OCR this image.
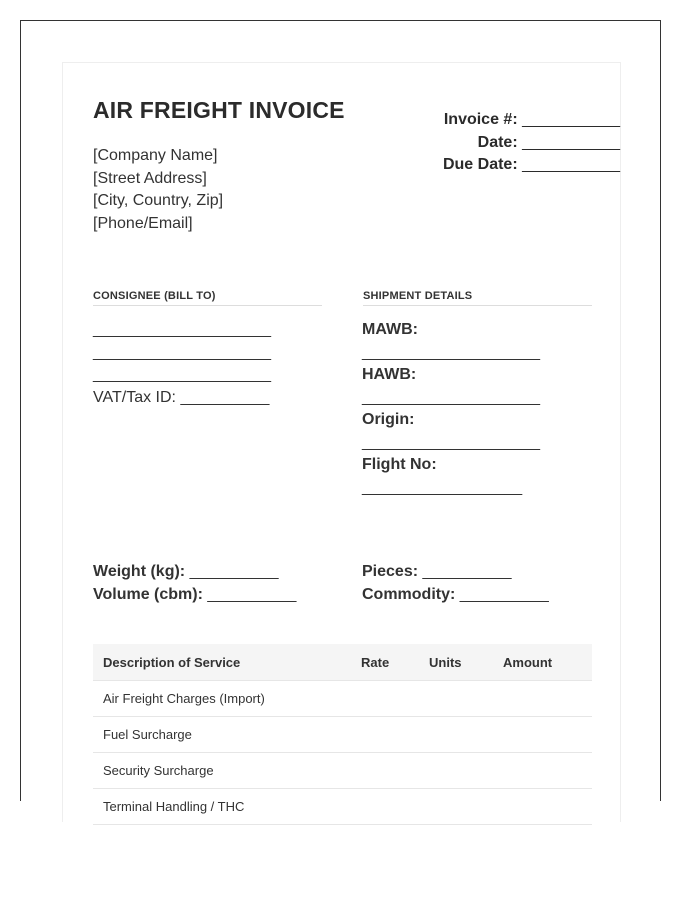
AIR FREIGHT INVOICE
[Company Name]
[Street Address]
[City, Country, Zip]
[Phone/Email]
Invoice #: ___________
Date: ___________
Due Date: ___________
CONSIGNEE (BILL TO)	SHIPMENT DETAILS
____________________
____________________
____________________
VAT/Tax ID: __________
MAWB:
____________________
HAWB:
____________________
Origin:
____________________
Flight No:
__________________
Weight (kg): __________
Volume (cbm): __________
Pieces: __________
Commodity: __________
Description of Service	Rate	Units	Amount
Air Freight Charges (Import)			
Fuel Surcharge			
Security Surcharge			
Terminal Handling / THC			
